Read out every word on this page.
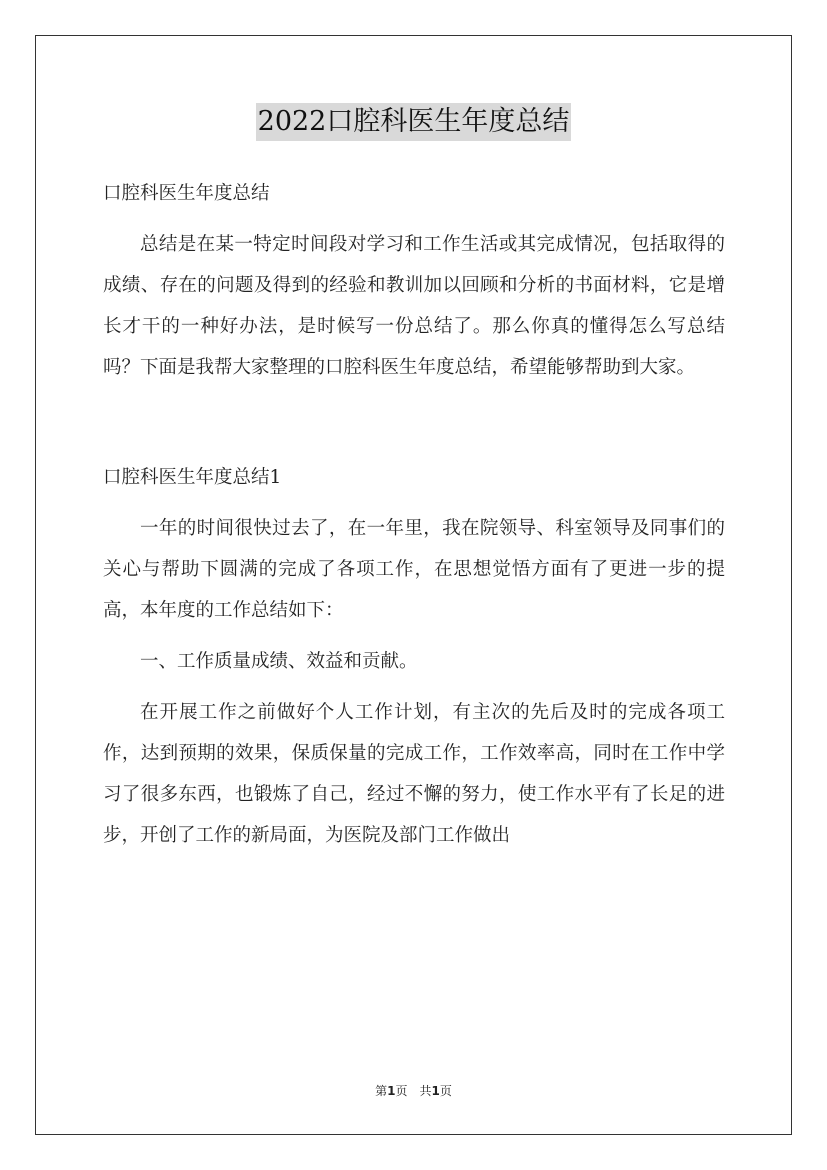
2022口腔科医生年度总结

口腔科医生年度总结

总结是在某一特定时间段对学习和工作生活或其完成情况，包括取得的成绩、存在的问题及得到的经验和教训加以回顾和分析的书面材料，它是增长才干的一种好办法，是时候写一份总结了。那么你真的懂得怎么写总结吗？下面是我帮大家整理的口腔科医生年度总结，希望能够帮助到大家。

口腔科医生年度总结1

一年的时间很快过去了，在一年里，我在院领导、科室领导及同事们的关心与帮助下圆满的完成了各项工作，在思想觉悟方面有了更进一步的提高，本年度的工作总结如下：

一、工作质量成绩、效益和贡献。

在开展工作之前做好个人工作计划，有主次的先后及时的完成各项工作，达到预期的效果，保质保量的完成工作，工作效率高，同时在工作中学习了很多东西，也锻炼了自己，经过不懈的努力，使工作水平有了长足的进步，开创了工作的新局面，为医院及部门工作做出

第1页　共1页
